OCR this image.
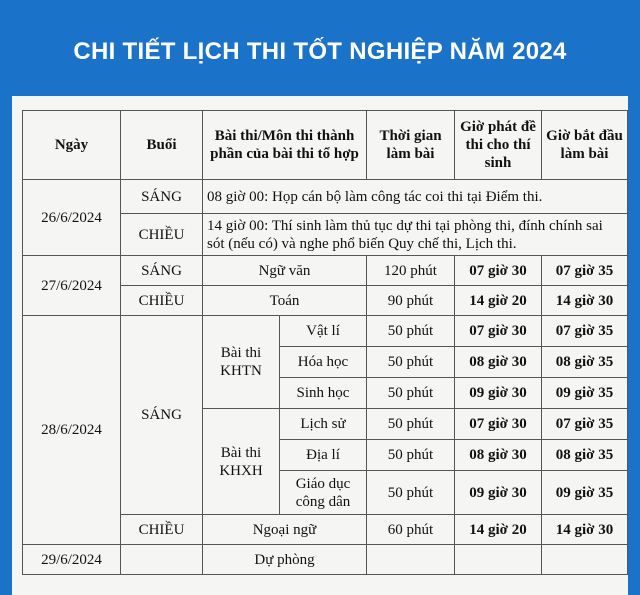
CHI TIẾT LỊCH THI TỐT NGHIỆP NĂM 2024
Ngày	Buổi	Bài thi/Môn thi thành phần của bài thi tổ hợp		Thời gian làm bài	Giờ phát đề thi cho thí sinh	Giờ bắt đầu làm bài
26/6/2024	SÁNG	08 giờ 00: Họp cán bộ làm công tác coi thi tại Điểm thi.				
	CHIỀU	14 giờ 00: Thí sinh làm thủ tục dự thi tại phòng thi, đính chính sai sót (nếu có) và nghe phổ biến Quy chế thi, Lịch thi.				
27/6/2024	SÁNG	Ngữ văn		120 phút	07 giờ 30	07 giờ 35
	CHIỀU	Toán		90 phút	14 giờ 20	14 giờ 30
28/6/2024	SÁNG	Bài thi KHTN	Vật lí	50 phút	07 giờ 30	07 giờ 35
			Hóa học	50 phút	08 giờ 30	08 giờ 35
			Sinh học	50 phút	09 giờ 30	09 giờ 35
		Bài thi KHXH	Lịch sử	50 phút	07 giờ 30	07 giờ 35
			Địa lí	50 phút	08 giờ 30	08 giờ 35
			Giáo dục công dân	50 phút	09 giờ 30	09 giờ 35
	CHIỀU	Ngoại ngữ		60 phút	14 giờ 20	14 giờ 30
29/6/2024		Dự phòng				
